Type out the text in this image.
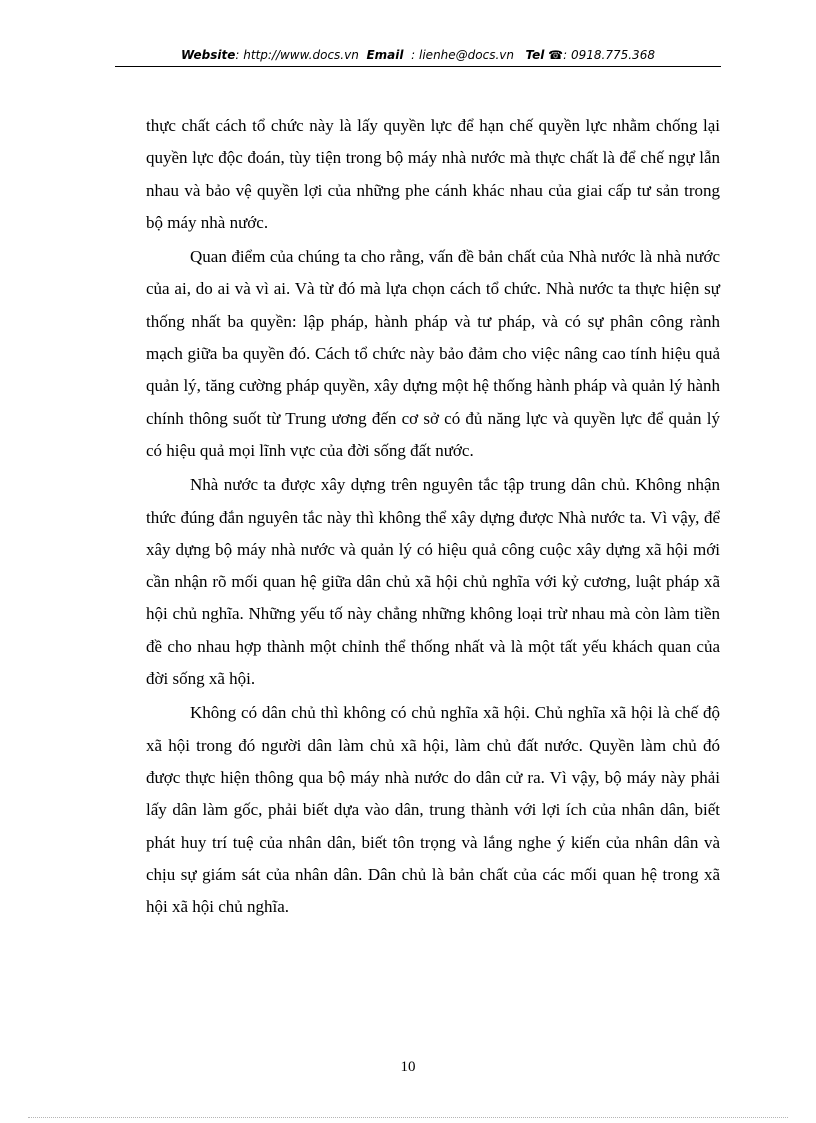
Website: http://www.docs.vn Email : lienhe@docs.vn Tel ☎: 0918.775.368

thực chất cách tổ chức này là lấy quyền lực để hạn chế quyền lực nhằm chống lại quyền lực độc đoán, tùy tiện trong bộ máy nhà nước mà thực chất là để chế ngự lẫn nhau và bảo vệ quyền lợi của những phe cánh khác nhau của giai cấp tư sản trong bộ máy nhà nước.

Quan điểm của chúng ta cho rằng, vấn đề bản chất của Nhà nước là nhà nước của ai, do ai và vì ai. Và từ đó mà lựa chọn cách tổ chức. Nhà nước ta thực hiện sự thống nhất ba quyền: lập pháp, hành pháp và tư pháp, và có sự phân công rành mạch giữa ba quyền đó. Cách tổ chức này bảo đảm cho việc nâng cao tính hiệu quả quản lý, tăng cường pháp quyền, xây dựng một hệ thống hành pháp và quản lý hành chính thông suốt từ Trung ương đến cơ sở có đủ năng lực và quyền lực để quản lý có hiệu quả mọi lĩnh vực của đời sống đất nước.

Nhà nước ta được xây dựng trên nguyên tắc tập trung dân chủ. Không nhận thức đúng đắn nguyên tắc này thì không thể xây dựng được Nhà nước ta. Vì vậy, để xây dựng bộ máy nhà nước và quản lý có hiệu quả công cuộc xây dựng xã hội mới cần nhận rõ mối quan hệ giữa dân chủ xã hội chủ nghĩa với kỷ cương, luật pháp xã hội chủ nghĩa. Những yếu tố này chẳng những không loại trừ nhau mà còn làm tiền đề cho nhau hợp thành một chỉnh thể thống nhất và là một tất yếu khách quan của đời sống xã hội.

Không có dân chủ thì không có chủ nghĩa xã hội. Chủ nghĩa xã hội là chế độ xã hội trong đó người dân làm chủ xã hội, làm chủ đất nước. Quyền làm chủ đó được thực hiện thông qua bộ máy nhà nước do dân cử ra. Vì vậy, bộ máy này phải lấy dân làm gốc, phải biết dựa vào dân, trung thành với lợi ích của nhân dân, biết phát huy trí tuệ của nhân dân, biết tôn trọng và lắng nghe ý kiến của nhân dân và chịu sự giám sát của nhân dân. Dân chủ là bản chất của các mối quan hệ trong xã hội xã hội chủ nghĩa.

10
